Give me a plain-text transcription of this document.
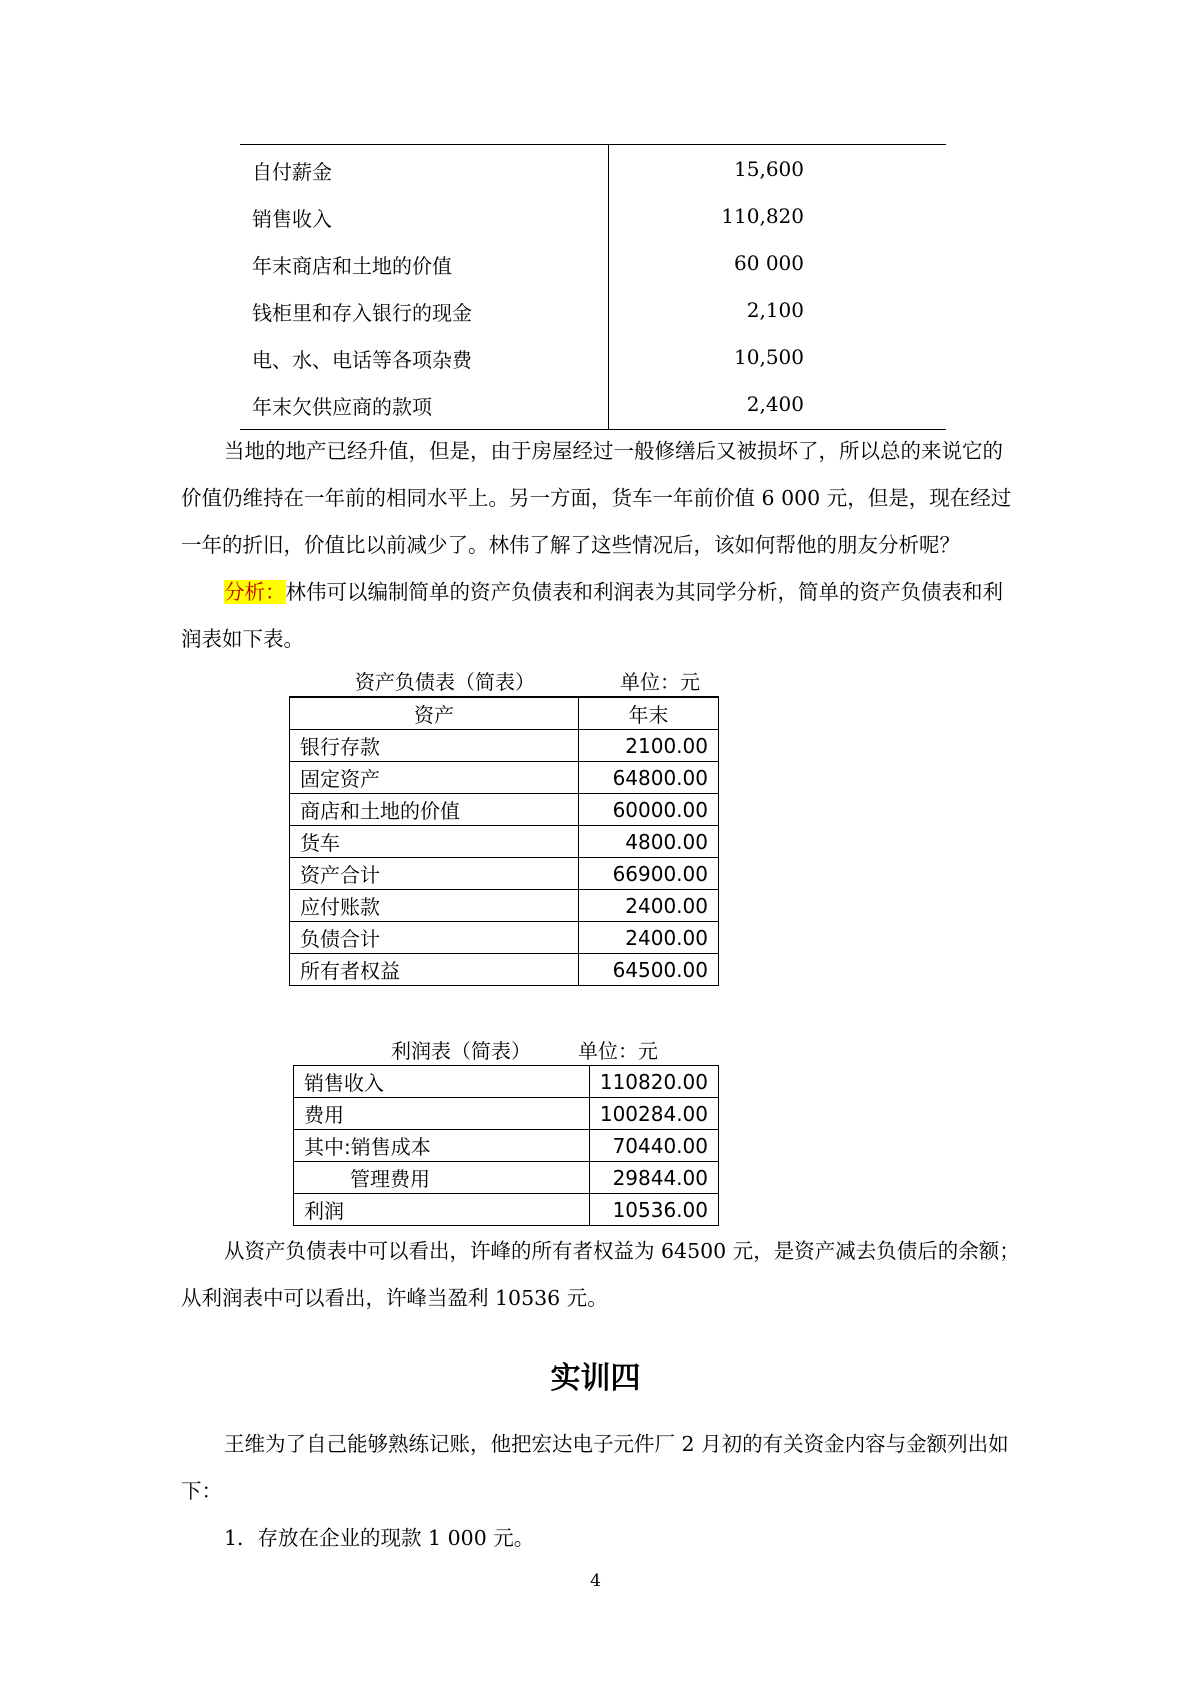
自付薪金	15,600
销售收入	110,820
年末商店和土地的价值	60 000
钱柜里和存入银行的现金	2,100
电、水、电话等各项杂费	10,500
年末欠供应商的款项	2,400
当地的地产已经升值，但是，由于房屋经过一般修缮后又被损坏了，所以总的来说它的
价值仍维持在一年前的相同水平上。另一方面，货车一年前价值 6 000 元，但是，现在经过
一年的折旧，价值比以前减少了。林伟了解了这些情况后，该如何帮他的朋友分析呢？
分析：林伟可以编制简单的资产负债表和利润表为其同学分析，简单的资产负债表和利
润表如下表。
资产负债表（简表）	单位：元
资产	年末
银行存款	2100.00
固定资产	64800.00
商店和土地的价值	60000.00
货车	4800.00
资产合计	66900.00
应付账款	2400.00
负债合计	2400.00
所有者权益	64500.00
利润表（简表） 单位：元
销售收入	110820.00
费用	100284.00
其中:销售成本	70440.00
管理费用	29844.00
利润	10536.00
从资产负债表中可以看出，许峰的所有者权益为 64500 元，是资产减去负债后的余额；
从利润表中可以看出，许峰当盈利 10536 元。
实训四
王维为了自己能够熟练记账，他把宏达电子元件厂 2 月初的有关资金内容与金额列出如
下：
1．存放在企业的现款 1 000 元。
4
